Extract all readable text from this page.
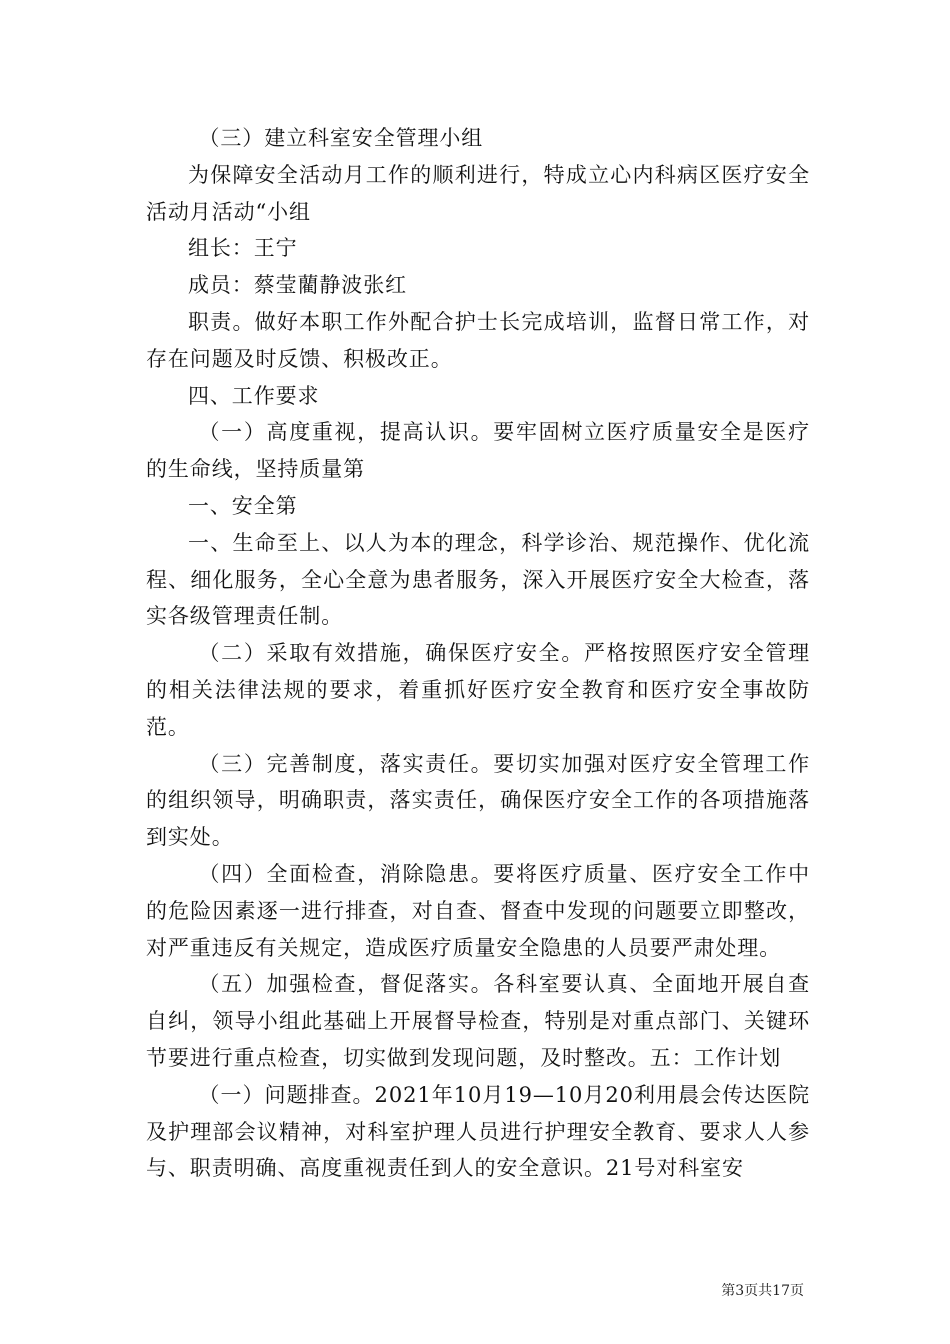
（三）建立科室安全管理小组

为保障安全活动月工作的顺利进行，特成立心内科病区医疗安全活动月活动“小组

组长：王宁

成员：蔡莹藺静波张红

职责。做好本职工作外配合护士长完成培训，监督日常工作，对存在问题及时反馈、积极改正。

四、工作要求

（一）高度重视，提高认识。要牢固树立医疗质量安全是医疗的生命线，坚持质量第

一、安全第

一、生命至上、以人为本的理念，科学诊治、规范操作、优化流程、细化服务，全心全意为患者服务，深入开展医疗安全大检查，落实各级管理责任制。

（二）采取有效措施，确保医疗安全。严格按照医疗安全管理的相关法律法规的要求，着重抓好医疗安全教育和医疗安全事故防范。

（三）完善制度，落实责任。要切实加强对医疗安全管理工作的组织领导，明确职责，落实责任，确保医疗安全工作的各项措施落到实处。

（四）全面检查，消除隐患。要将医疗质量、医疗安全工作中的危险因素逐一进行排查，对自查、督查中发现的问题要立即整改，对严重违反有关规定，造成医疗质量安全隐患的人员要严肃处理。

（五）加强检查，督促落实。各科室要认真、全面地开展自查自纠，领导小组此基础上开展督导检查，特别是对重点部门、关键环节要进行重点检查，切实做到发现问题，及时整改。五：工作计划

（一）问题排查。2021年10月19—10月20利用晨会传达医院及护理部会议精神，对科室护理人员进行护理安全教育、要求人人参与、职责明确、高度重视责任到人的安全意识。21号对科室安

第3页共17页
